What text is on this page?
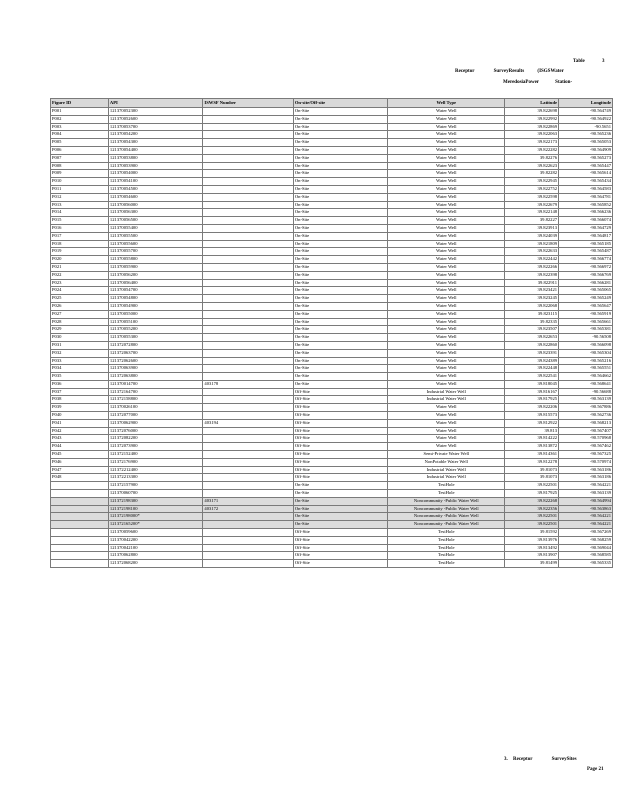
Table	3
Receptor	SurveyResults	(ISGSWater
MeredosiaPower	Station-
Figure ID	API	ISWSF Number	On-site/Off-site	Well Type	Latitude	Longitude
P001	121370052300		On-Site	Water Well	39.822698	-90.564749
P002	121370052600		On-Site	Water Well	39.822992	-90.564922
P003	121370053700		On-Site	Water Well	39.822869	-90.5651
P004	121370054200		On-Site	Water Well	39.822063	-90.565236
P005	121370054300		On-Site	Water Well	39.822173	-90.565053
P006	121370054400		On-Site	Water Well	39.822282	-90.564909
P007	121370053800		On-Site	Water Well	39.82276	-90.565273
P008	121370053900		On-Site	Water Well	39.822623	-90.565447
P009	121370054000		On-Site	Water Well	39.82282	-90.565614
P010	121370054100		On-Site	Water Well	39.822945	-90.565434
P011	121370054500		On-Site	Water Well	39.822752	-90.564583
P012	121370054600		On-Site	Water Well	39.822598	-90.564781
P013	121370056000		On-Site	Water Well	39.822679	-90.565852
P014	121370056300		On-Site	Water Well	39.822148	-90.566236
P015	121370056500		On-Site	Water Well	39.82227	-90.566074
P016	121370055400		On-Site	Water Well	39.823913	-90.564729
P017	121370055500		On-Site	Water Well	39.824039	-90.564817
P018	121370055600		On-Site	Water Well	39.821809	-90.565185
P019	121370055700		On-Site	Water Well	39.822633	-90.565487
P020	121370055800		On-Site	Water Well	39.822442	-90.566774
P021	121370055900		On-Site	Water Well	39.822266	-90.566972
P022	121370056200		On-Site	Water Well	39.822398	-90.566769
P023	121370056400		On-Site	Water Well	39.822911	-90.566281
P024	121370054700		On-Site	Water Well	39.823421	-90.565065
P025	121370054800		On-Site	Water Well	39.823245	-90.565249
P026	121370054900		On-Site	Water Well	39.822068	-90.565647
P027	121370055000		On-Site	Water Well	39.823115	-90.565919
P028	121370055100		On-Site	Water Well	39.82335	-90.565661
P029	121370055200		On-Site	Water Well	39.823507	-90.565381
P030	121370055300		On-Site	Water Well	39.822653	-90.56508
P031	121372072800		On-Site	Water Well	39.822860	-90.566098
P032	121372063700		On-Site	Water Well	39.823391	-90.565304
P033	121372062600		On-Site	Water Well	39.824389	-90.565216
P034	121370063900		On-Site	Water Well	39.822448	-90.565551
P035	121372063800		On-Site	Water Well	39.822541	-90.564662
P036	121370014700	403178	On-Site	Water Well	39.818045	-90.568641
P037	121372164700		Off-Site	Industrial Water Well	39.816167	-90.56688
P038	121372158800		Off-Site	Industrial Water Well	39.817925	-90.563139
P039	121370026100		Off-Site	Water Well	39.822206	-90.567886
P040	121372077000		Off-Site	Water Well	39.815573	-90.562736
P041	121370062900	403194	Off-Site	Water Well	39.812922	-90.568213
P042	121372076000		Off-Site	Water Well	39.813	-90.567407
P043	121372082200		Off-Site	Water Well	39.814222	-90.570968
P044	121372073900		Off-Site	Water Well	39.813872	-90.567462
P045	121372152400		Off-Site	Semi-Private Water Well	39.814361	-90.567325
P046	121372176900		Off-Site	NonPotable Water Well	39.812278	-90.570974
P047	121372212400		Off-Site	Industrial Water Well	39.81073	-90.563186
P048	121372213300		Off-Site	Industrial Water Well	39.81073	-90.563186
	121372157900		On-Site	TestHole	39.822501	-90.564221
	121370060700		On-Site	TestHole	39.817925	-90.563139
	121372198300	403171	On-Site	Noncommunity -Public Water Well	39.822268	-90.564994
	121372198100	403172	On-Site	Noncommunity -Public Water Well	39.822356	-90.563863
	121372198000*		On-Site	Noncommunity -Public Water Well	39.822501	-90.564221
	121372165200*		On-Site	Noncommunity -Public Water Well	39.822501	-90.564221
	121370059600		Off-Site	TestHole	39.81592	-90.567269
	121370042200		Off-Site	TestHole	39.813976	-90.568259
	121370042100		Off-Site	TestHole	39.813492	-90.569044
	121370062800		Off-Site	TestHole	39.813907	-90.568585
	121372068200		Off-Site	TestHole	39.81499	-90.565335
3. Receptor	SurveySites
Page 21
